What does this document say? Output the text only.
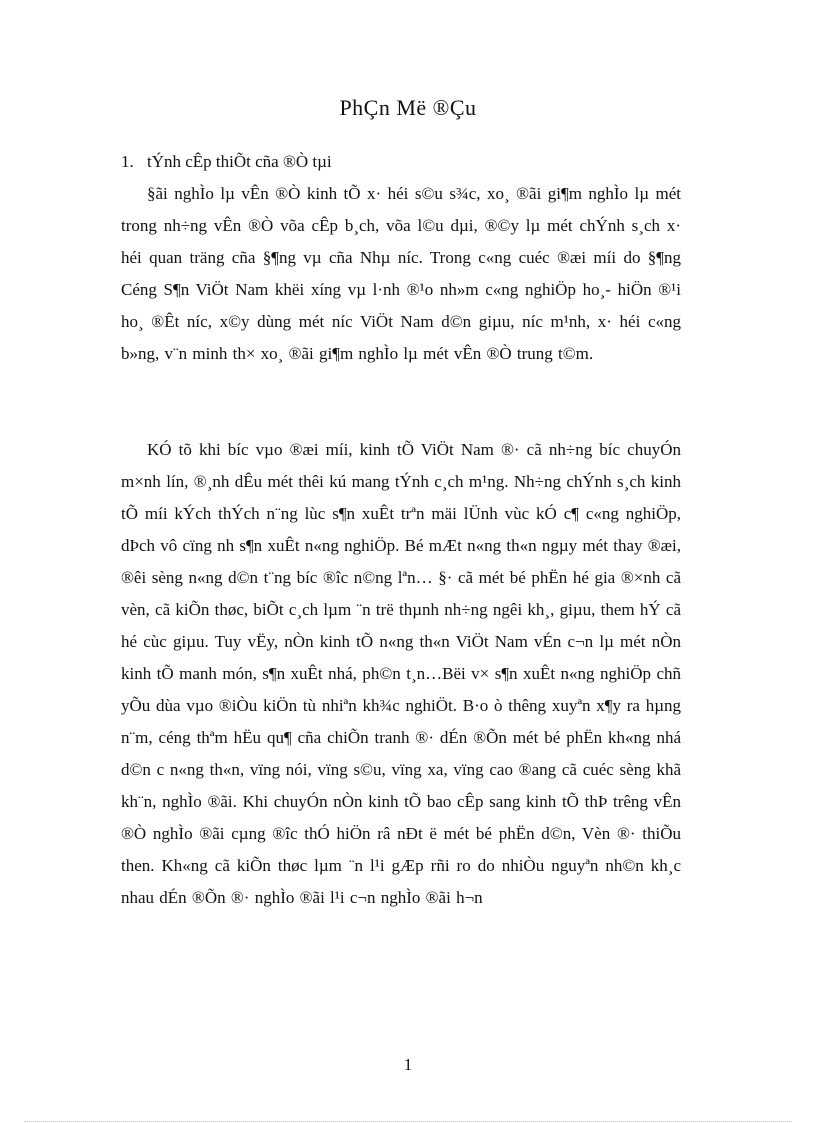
PhÇn Më ®Çu
1. tÝnh cÊp thiÕt cña ®Ò tµi

§ãi nghÌo lµ vÊn ®Ò kinh tÕ x· héi s©u s¾c, xo¸ ®ãi gi¶m nghÌo lµ mét trong nh÷ng vÊn ®Ò võa cÊp b¸ch, võa l©u dµi, ®©y lµ mét chÝnh s¸ch x· héi quan träng cña §¶ng vµ cña Nhµ níc. Trong c«ng cuéc ®æi míi do §¶ng Céng S¶n ViÖt Nam khëi xíng vµ l·nh ®¹o nh»m c«ng nghiÖp ho¸- hiÖn ®¹i ho¸ ®Êt níc, x©y dùng mét níc ViÖt Nam d©n giµu, níc m¹nh, x· héi c«ng b»ng, v¨n minh th× xo¸ ®ãi gi¶m nghÌo lµ mét vÊn ®Ò trung t©m.

KÓ tõ khi bíc vµo ®æi míi, kinh tÕ ViÖt Nam ®· cã nh÷ng bíc chuyÓn m×nh lín, ®¸nh dÊu mét thêi kú mang tÝnh c¸ch m¹ng. Nh÷ng chÝnh s¸ch kinh tÕ míi kÝch thÝch n¨ng lùc s¶n xuÊt trªn mäi lÜnh vùc kÓ c¶ c«ng nghiÖp, dÞch vô cïng nh s¶n xuÊt n«ng nghiÖp. Bé mÆt n«ng th«n ngµy mét thay ®æi, ®êi sèng n«ng d©n t¨ng bíc ®îc n©ng lªn… §· cã mét bé phËn hé gia ®×nh cã vèn, cã kiÕn thøc, biÕt c¸ch lµm ¨n trë thµnh nh÷ng ngêi kh¸, giµu, them hÝ cã hé cùc giµu. Tuy vËy, nÒn kinh tÕ n«ng th«n ViÖt Nam vÉn c¬n lµ mét nÒn kinh tÕ manh món, s¶n xuÊt nhá, ph©n t¸n…Bëi v× s¶n xuÊt n«ng nghiÖp chñ yÕu dùa vµo ®iÒu kiÖn tù nhiªn kh¾c nghiÖt. B·o ò thêng xuyªn x¶y ra hµng n¨m, céng thªm hËu qu¶ cña chiÕn tranh ®· dÉn ®Õn mét bé phËn kh«ng nhá d©n c n«ng th«n, vïng nói, vïng s©u, vïng xa, vïng cao ®ang cã cuéc sèng khã kh¨n, nghÌo ®ãi. Khi chuyÓn nÒn kinh tÕ bao cÊp sang kinh tÕ thÞ trêng vÊn ®Ò nghÌo ®ãi cµng ®îc thÓ hiÖn râ nÐt ë mét bé phËn d©n, Vèn ®· thiÕu then. Kh«ng cã kiÕn thøc lµm ¨n l¹i gÆp rñi ro do nhiÒu nguyªn nh©n kh¸c nhau dÉn ®Õn ®· nghÌo ®ãi l¹i c¬n nghÌo ®ãi h¬n

1
